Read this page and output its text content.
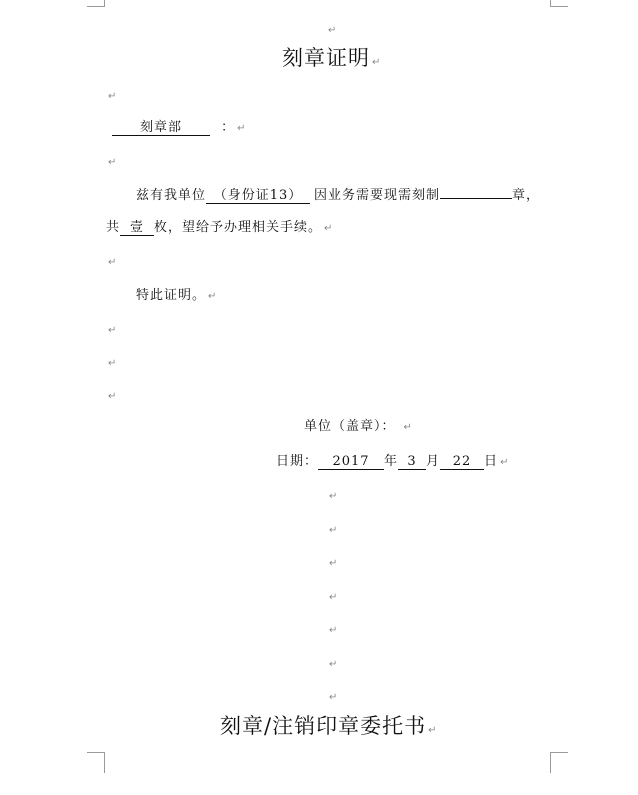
↵
刻章证明 ↵
↵
刻章部	： ↵
↵
兹有我单位 （身份证13） 因业务需要现需刻制	章，
共 壹 枚，望给予办理相关手续。 ↵
↵
特此证明。 ↵
↵
↵
↵
单位（盖章）： ↵
日期： 2017 年 3 月 22 日 ↵
↵
↵
↵
↵
↵
↵
↵
刻章/注销印章委托书 ↵
